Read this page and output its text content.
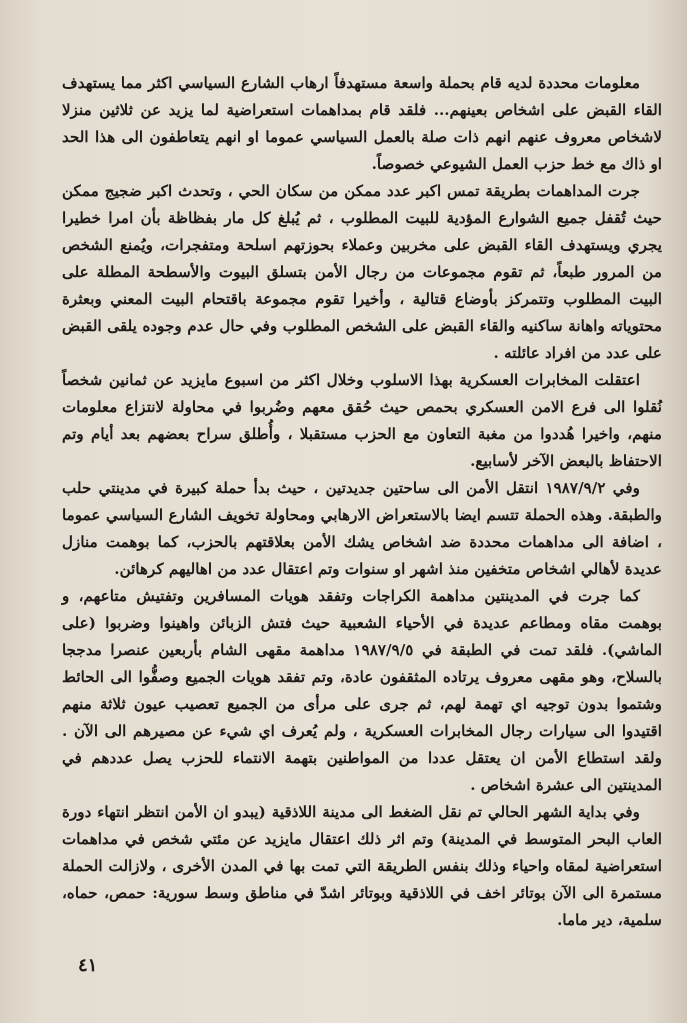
معلومات محددة لديه قام بحملة واسعة مستهدفاً ارهاب الشارع السياسي اكثر مما يستهدف القاء القبض على اشخاص بعينهم... فلقد قام بمداهمات استعراضية لما يزيد عن ثلاثين منزلا لاشخاص معروف عنهم انهم ذات صلة بالعمل السياسي عموما او انهم يتعاطفون الى هذا الحد او ذاك مع خط حزب العمل الشيوعي خصوصاً.

جرت المداهمات بطريقة تمس اكبر عدد ممكن من سكان الحي ، وتحدث اكبر ضجيج ممكن حيث تُقفل جميع الشوارع المؤدية للبيت المطلوب ، ثم يُبلغ كل مار بفظاظة بأن امرا خطيرا يجري ويستهدف القاء القبض على مخربين وعملاء بحوزتهم اسلحة ومتفجرات، ويُمنع الشخص من المرور طبعاً، ثم تقوم مجموعات من رجال الأمن بتسلق البيوت والأسطحة المطلة على البيت المطلوب وتتمركز بأوضاع قتالية ، وأخيرا تقوم مجموعة باقتحام البيت المعني وبعثرة محتوياته واهانة ساكنيه والقاء القبض على الشخص المطلوب وفي حال عدم وجوده يلقى القبض على عدد من افراد عائلته .

اعتقلت المخابرات العسكرية بهذا الاسلوب وخلال اكثر من اسبوع مايزيد عن ثمانين شخصاً نُقلوا الى فرع الامن العسكري بحمص حيث حُقق معهم وضُربوا في محاولة لانتزاع معلومات منهم، واخيرا هُددوا من مغبة التعاون مع الحزب مستقبلا ، وأُطلق سراح بعضهم بعد أيام وتم الاحتفاظ بالبعض الآخر لأسابيع.

وفي ١٩٨٧/٩/٢ انتقل الأمن الى ساحتين جديدتين ، حيث بدأ حملة كبيرة في مدينتي حلب والطبقة. وهذه الحملة تتسم ايضا بالاستعراض الارهابي ومحاولة تخويف الشارع السياسي عموما ، اضافة الى مداهمات محددة ضد اشخاص يشك الأمن بعلاقتهم بالحزب، كما بوهمت منازل عديدة لأهالي اشخاص متخفين منذ اشهر او سنوات وتم اعتقال عدد من اهاليهم كرهائن.

كما جرت في المدينتين مداهمة الكراجات وتفقد هويات المسافرين وتفتيش متاعهم، و بوهمت مقاه ومطاعم عديدة في الأحياء الشعبية حيث فتش الزبائن واهينوا وضربوا (على الماشي). فلقد تمت في الطبقة في ١٩٨٧/٩/٥ مداهمة مقهى الشام بأربعين عنصرا مدججا بالسلاح، وهو مقهى معروف يرتاده المثقفون عادة، وتم تفقد هويات الجميع وصفُّوا الى الحائط وشتموا بدون توجيه اي تهمة لهم، ثم جرى على مرأى من الجميع تعصيب عيون ثلاثة منهم اقتيدوا الى سيارات رجال المخابرات العسكرية ، ولم يُعرف اي شيء عن مصيرهم الى الآن . ولقد استطاع الأمن ان يعتقل عددا من المواطنين بتهمة الانتماء للحزب يصل عددهم في المدينتين الى عشرة اشخاص .

وفي بداية الشهر الحالي تم نقل الضغط الى مدينة اللاذقية (يبدو ان الأمن انتظر انتهاء دورة العاب البحر المتوسط في المدينة) وتم اثر ذلك اعتقال مايزيد عن مئتي شخص في مداهمات استعراضية لمقاه واحياء وذلك بنفس الطريقة التي تمت بها في المدن الأخرى ، ولازالت الحملة مستمرة الى الآن بوتائر اخف في اللاذقية وبوتائر اشدّ في مناطق وسط سورية: حمص، حماه، سلمية، دير ماما.

٤١
